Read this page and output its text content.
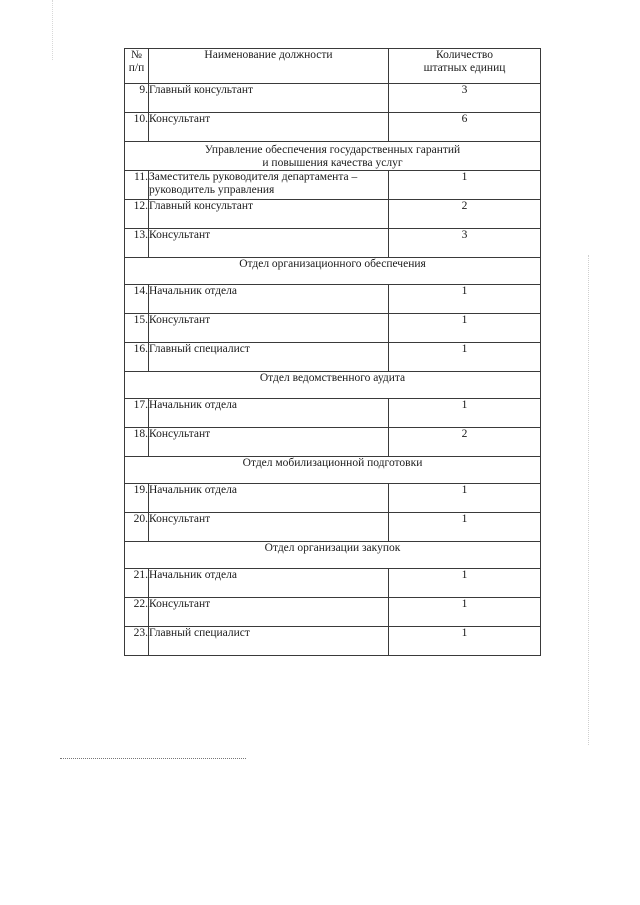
№
п/п	Наименование должности	Количество
штатных единиц
9.	Главный консультант	3
10.	Консультант	6
Управление обеспечения государственных гарантий
и повышения качества услуг		
11.	Заместитель руководителя департамента –
руководитель управления	1
12.	Главный консультант	2
13.	Консультант	3
Отдел организационного обеспечения		
14.	Начальник отдела	1
15.	Консультант	1
16.	Главный специалист	1
Отдел ведомственного аудита		
17.	Начальник отдела	1
18.	Консультант	2
Отдел мобилизационной подготовки		
19.	Начальник отдела	1
20.	Консультант	1
Отдел организации закупок		
21.	Начальник отдела	1
22.	Консультант	1
23.	Главный специалист	1
